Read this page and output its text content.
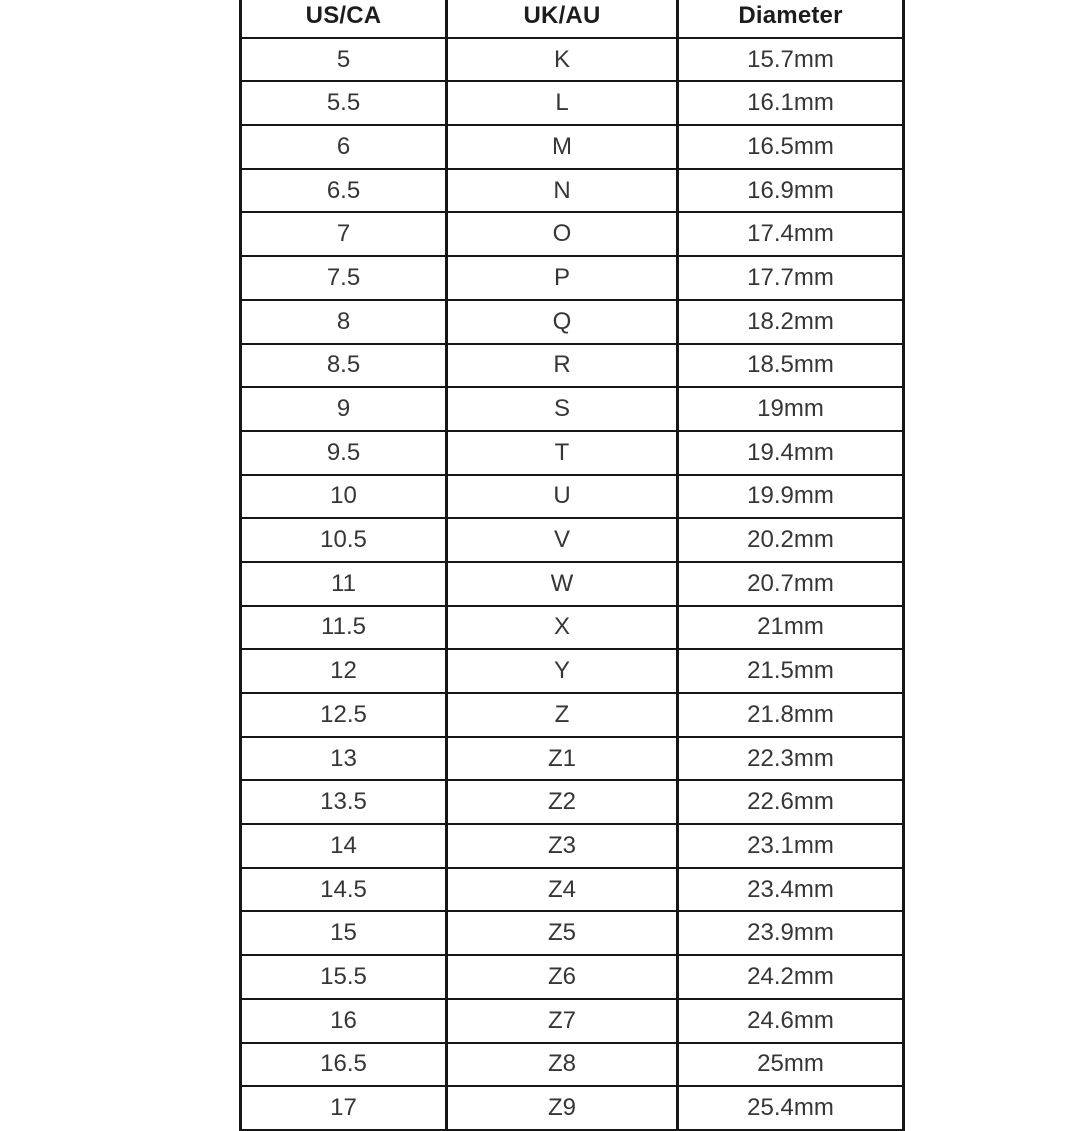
US/CA	UK/AU	Diameter
5	K	15.7mm
5.5	L	16.1mm
6	M	16.5mm
6.5	N	16.9mm
7	O	17.4mm
7.5	P	17.7mm
8	Q	18.2mm
8.5	R	18.5mm
9	S	19mm
9.5	T	19.4mm
10	U	19.9mm
10.5	V	20.2mm
11	W	20.7mm
11.5	X	21mm
12	Y	21.5mm
12.5	Z	21.8mm
13	Z1	22.3mm
13.5	Z2	22.6mm
14	Z3	23.1mm
14.5	Z4	23.4mm
15	Z5	23.9mm
15.5	Z6	24.2mm
16	Z7	24.6mm
16.5	Z8	25mm
17	Z9	25.4mm
